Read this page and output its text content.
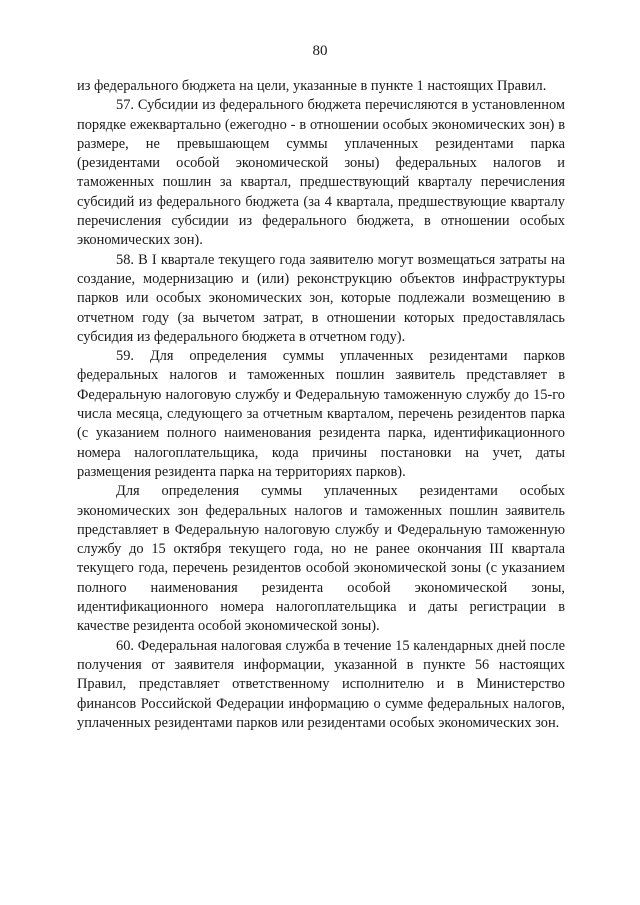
80

из федерального бюджета на цели, указанные в пункте 1 настоящих Правил.

57. Субсидии из федерального бюджета перечисляются в установленном порядке ежеквартально (ежегодно - в отношении особых экономических зон) в размере, не превышающем суммы уплаченных резидентами парка (резидентами особой экономической зоны) федеральных налогов и таможенных пошлин за квартал, предшествующий кварталу перечисления субсидий из федерального бюджета (за 4 квартала, предшествующие кварталу перечисления субсидии из федерального бюджета, в отношении особых экономических зон).

58. В I квартале текущего года заявителю могут возмещаться затраты на создание, модернизацию и (или) реконструкцию объектов инфраструктуры парков или особых экономических зон, которые подлежали возмещению в отчетном году (за вычетом затрат, в отношении которых предоставлялась субсидия из федерального бюджета в отчетном году).

59. Для определения суммы уплаченных резидентами парков федеральных налогов и таможенных пошлин заявитель представляет в Федеральную налоговую службу и Федеральную таможенную службу до 15-го числа месяца, следующего за отчетным кварталом, перечень резидентов парка (с указанием полного наименования резидента парка, идентификационного номера налогоплательщика, кода причины постановки на учет, даты размещения резидента парка на территориях парков).

Для определения суммы уплаченных резидентами особых экономических зон федеральных налогов и таможенных пошлин заявитель представляет в Федеральную налоговую службу и Федеральную таможенную службу до 15 октября текущего года, но не ранее окончания III квартала текущего года, перечень резидентов особой экономической зоны (с указанием полного наименования резидента особой экономической зоны, идентификационного номера налогоплательщика и даты регистрации в качестве резидента особой экономической зоны).

60. Федеральная налоговая служба в течение 15 календарных дней после получения от заявителя информации, указанной в пункте 56 настоящих Правил, представляет ответственному исполнителю и в Министерство финансов Российской Федерации информацию о сумме федеральных налогов, уплаченных резидентами парков или резидентами особых экономических зон.
